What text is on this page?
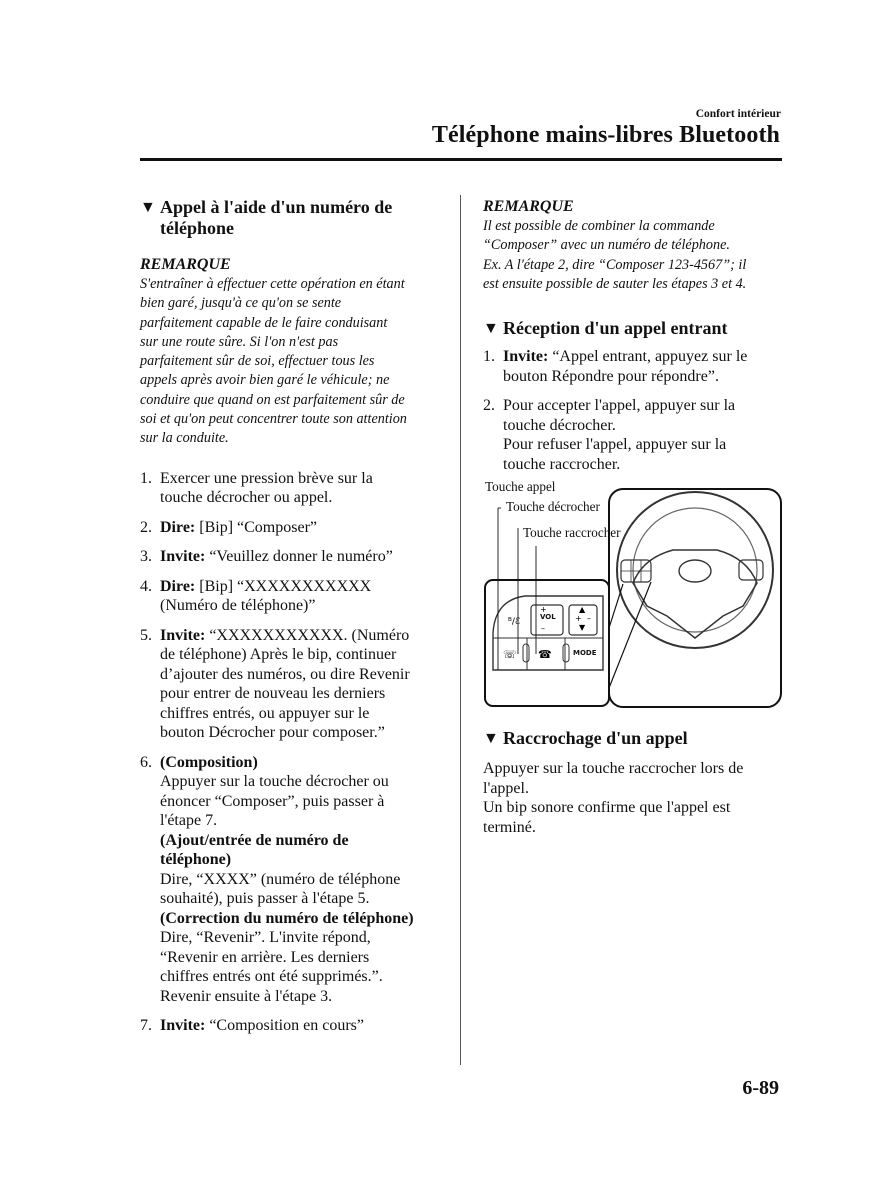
Confort intérieur
Téléphone mains-libres Bluetooth
▼ Appel à l'aide d'un numéro de
téléphone
REMARQUE
S'entraîner à effectuer cette opération en étant
bien garé, jusqu'à ce qu'on se sente
parfaitement capable de le faire conduisant
sur une route sûre. Si l'on n'est pas
parfaitement sûr de soi, effectuer tous les
appels après avoir bien garé le véhicule; ne
conduire que quand on est parfaitement sûr de
soi et qu'on peut concentrer toute son attention
sur la conduite.
1. Exercer une pression brève sur la
touche décrocher ou appel.
2. Dire: [Bip] “Composer”
3. Invite: “Veuillez donner le numéro”
4. Dire: [Bip] “XXXXXXXXXXX
(Numéro de téléphone)”
5. Invite: “XXXXXXXXXXX. (Numéro
de téléphone) Après le bip, continuer
d’ajouter des numéros, ou dire Revenir
pour entrer de nouveau les derniers
chiffres entrés, ou appuyer sur le
bouton Décrocher pour composer.”
6. (Composition)
Appuyer sur la touche décrocher ou
énoncer “Composer”, puis passer à
l'étape 7.
(Ajout/entrée de numéro de
téléphone)
Dire, “XXXX” (numéro de téléphone
souhaité), puis passer à l'étape 5.
(Correction du numéro de téléphone)
Dire, “Revenir”. L'invite répond,
“Revenir en arrière. Les derniers
chiffres entrés ont été supprimés.”.
Revenir ensuite à l'étape 3.
7. Invite: “Composition en cours”
REMARQUE
Il est possible de combiner la commande
“Composer” avec un numéro de téléphone.
Ex. A l'étape 2, dire “Composer 123-4567”; il
est ensuite possible de sauter les étapes 3 et 4.
▼ Réception d'un appel entrant
1. Invite: “Appel entrant, appuyez sur le
bouton Répondre pour répondre”.
2. Pour accepter l'appel, appuyer sur la
touche décrocher.
Pour refuser l'appel, appuyer sur la
touche raccrocher.
+	▲
▼
+ –
–
ᴮ/ℰ
☏ ☎
VOL
MODE
Touche appel
Touche décrocher
Touche raccrocher
▼ Raccrochage d'un appel
Appuyer sur la touche raccrocher lors de
l'appel.
Un bip sonore confirme que l'appel est
terminé.
6-89
